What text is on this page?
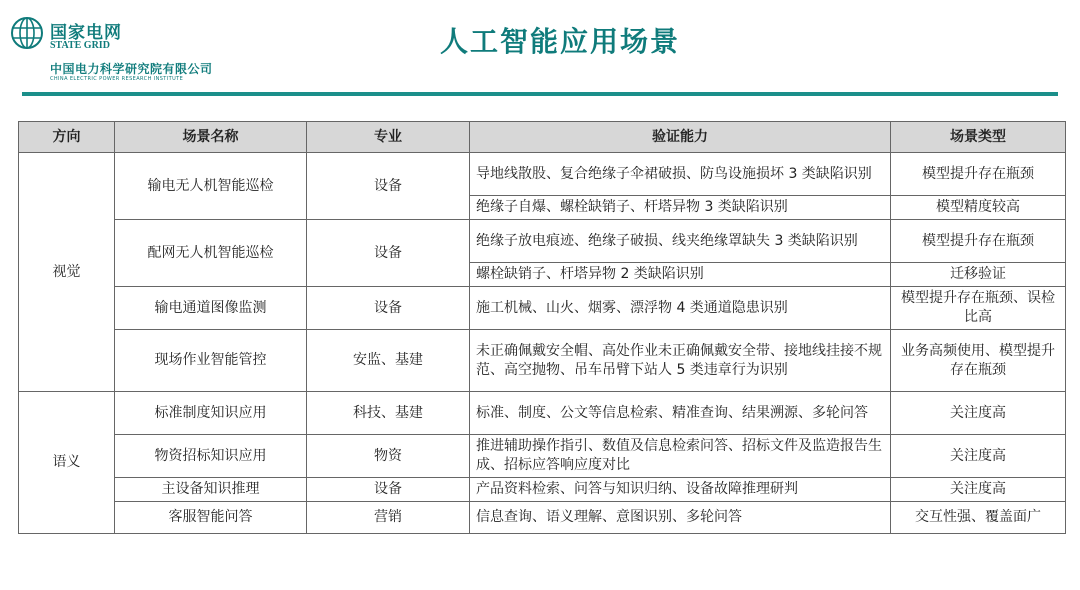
国家电网
STATE GRID
中国电力科学研究院有限公司
CHINA ELECTRIC POWER RESEARCH INSTITUTE
人工智能应用场景
方向	场景名称	专业	验证能力	场景类型
视觉	输电无人机智能巡检	设备	导地线散股、复合绝缘子伞裙破损、防鸟设施损坏 3 类缺陷识别	模型提升存在瓶颈
			绝缘子自爆、螺栓缺销子、杆塔异物 3 类缺陷识别	模型精度较高
	配网无人机智能巡检	设备	绝缘子放电痕迹、绝缘子破损、线夹绝缘罩缺失 3 类缺陷识别	模型提升存在瓶颈
			螺栓缺销子、杆塔异物 2 类缺陷识别	迁移验证
	输电通道图像监测	设备	施工机械、山火、烟雾、漂浮物 4 类通道隐患识别	模型提升存在瓶颈、误检比高
	现场作业智能管控	安监、基建	未正确佩戴安全帽、高处作业未正确佩戴安全带、接地线挂接不规范、高空抛物、吊车吊臂下站人 5 类违章行为识别	业务高频使用、模型提升存在瓶颈
语义	标准制度知识应用	科技、基建	标准、制度、公文等信息检索、精准查询、结果溯源、多轮问答	关注度高
	物资招标知识应用	物资	推进辅助操作指引、数值及信息检索问答、招标文件及监造报告生成、招标应答响应度对比	关注度高
	主设备知识推理	设备	产品资料检索、问答与知识归纳、设备故障推理研判	关注度高
	客服智能问答	营销	信息查询、语义理解、意图识别、多轮问答	交互性强、覆盖面广
